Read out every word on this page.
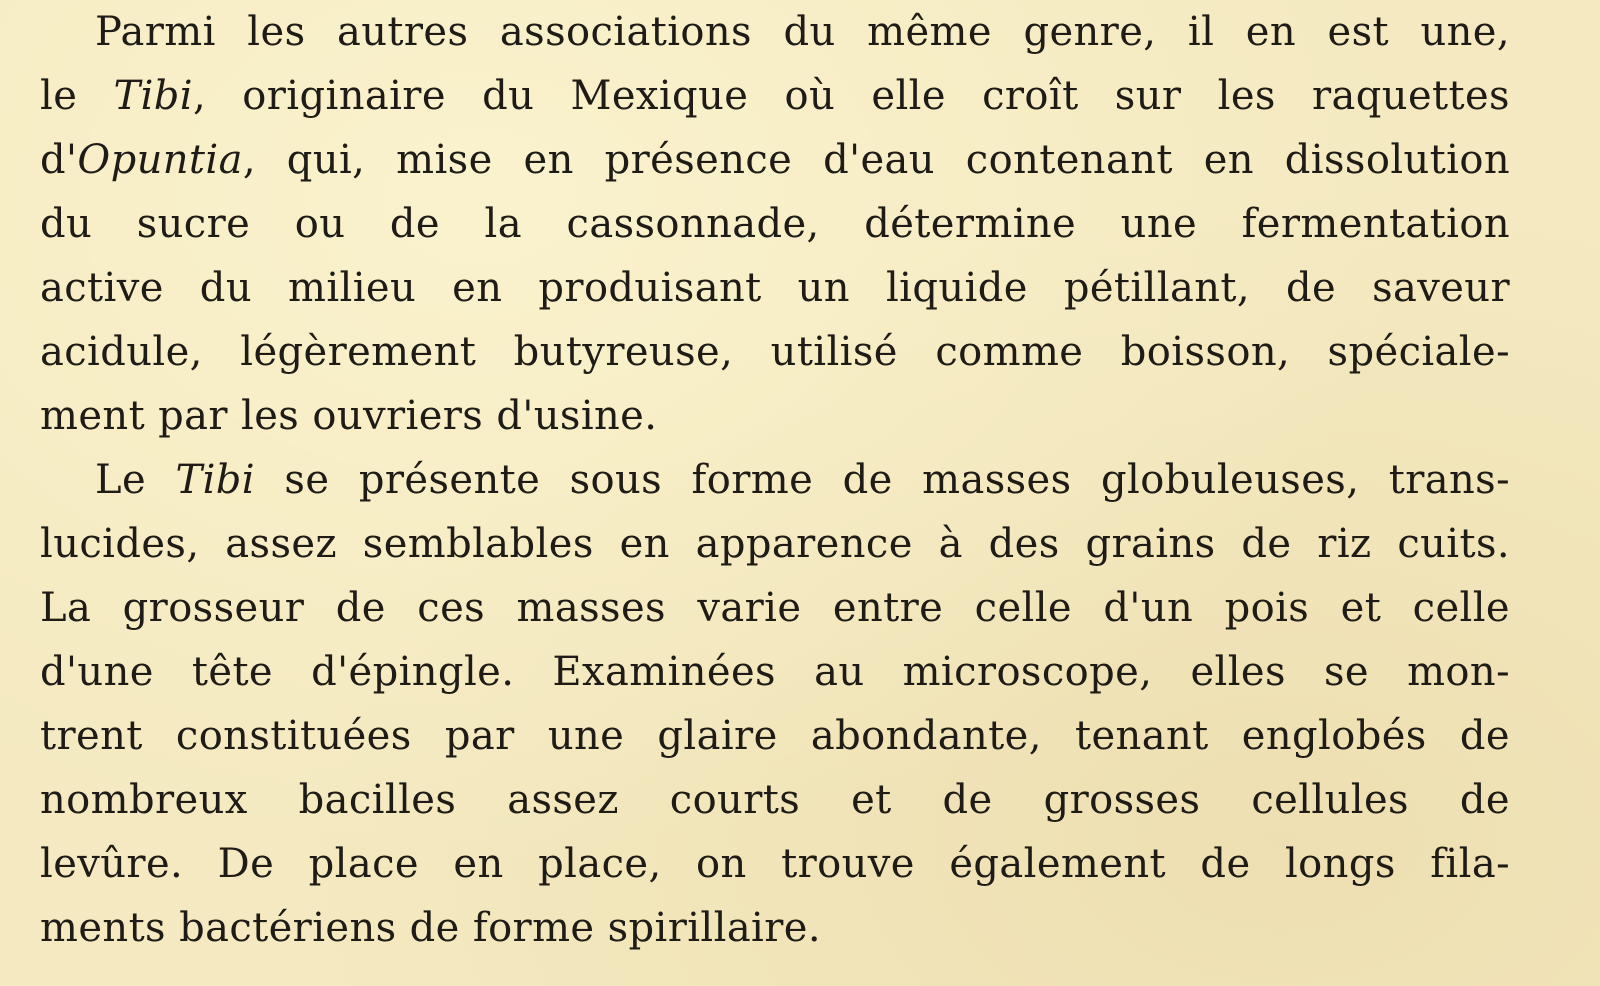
Parmi les autres associations du même genre, il en est une,
le Tibi, originaire du Mexique où elle croît sur les raquettes
d'Opuntia, qui, mise en présence d'eau contenant en dissolution
du sucre ou de la cassonnade, détermine une fermentation
active du milieu en produisant un liquide pétillant, de saveur
acidule, légèrement butyreuse, utilisé comme boisson, spéciale-
ment par les ouvriers d'usine.
Le Tibi se présente sous forme de masses globuleuses, trans-
lucides, assez semblables en apparence à des grains de riz cuits.
La grosseur de ces masses varie entre celle d'un pois et celle
d'une tête d'épingle. Examinées au microscope, elles se mon-
trent constituées par une glaire abondante, tenant englobés de
nombreux bacilles assez courts et de grosses cellules de
levûre. De place en place, on trouve également de longs fila-
ments bactériens de forme spirillaire.
